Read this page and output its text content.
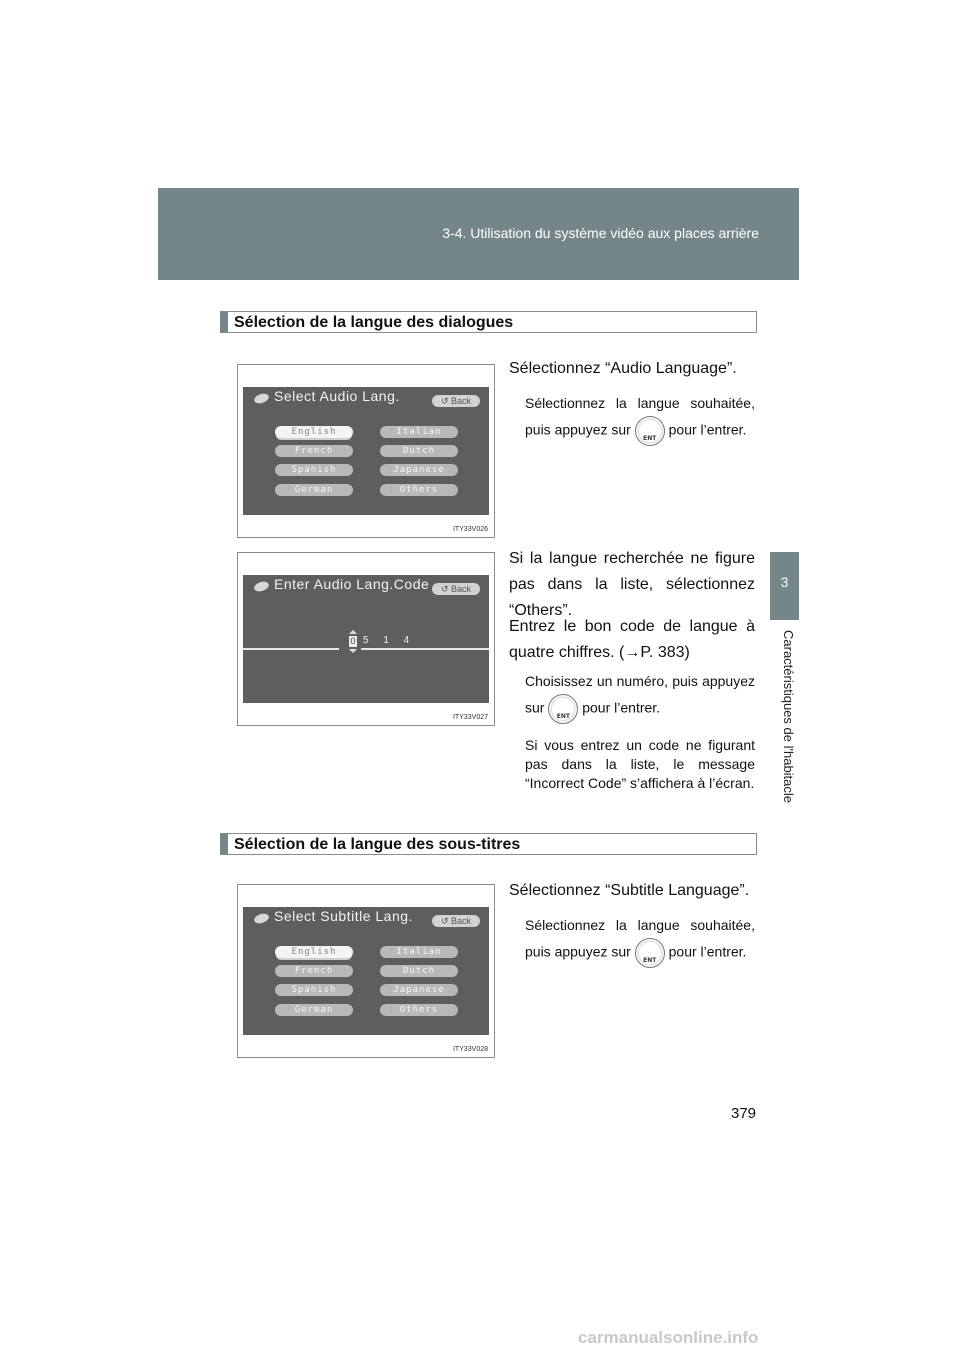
3-4. Utilisation du système vidéo aux places arrière
3
Caractéristiques de l'habitacle
Sélection de la langue des dialogues
Select Audio Lang.	↺ Back
English	Italian
French	Dutch
Spanish	Japanese
German	Others
ITY33V026
Sélectionnez “Audio Language”.
Sélectionnez la langue souhaitée, puis appuyez sur
ENT
pour l’entrer.
Enter Audio Lang.Code	↺ Back
0 5 1 4
ITY33V027
Si la langue recherchée ne figure pas dans la liste, sélectionnez “Others”.
Entrez le bon code de langue à quatre chiffres. (→P. 383)
Choisissez un numéro, puis appuyez sur
ENT
pour l’entrer.
Si vous entrez un code ne figurant pas dans la liste, le message “Incorrect Code” s’affichera à l’écran.
Sélection de la langue des sous-titres
Select Subtitle Lang.	↺ Back
English	Italian
French	Dutch
Spanish	Japanese
German	Others
ITY33V028
Sélectionnez “Subtitle Language”.
Sélectionnez la langue souhaitée, puis appuyez sur
ENT
pour l’entrer.
379
carmanualsonline.info
